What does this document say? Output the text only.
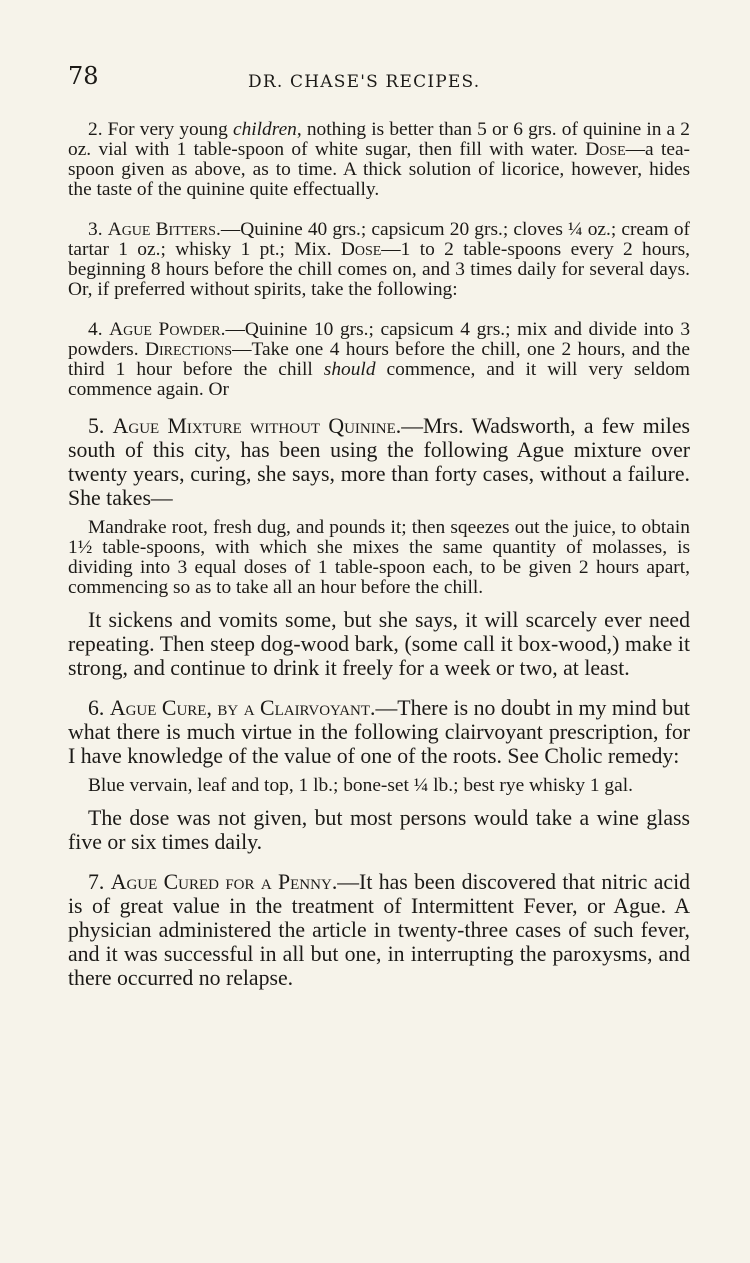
78	DR. CHASE'S RECIPES.

2. For very young children, nothing is better than 5 or 6 grs. of quinine in a 2 oz. vial with 1 table-spoon of white sugar, then fill with water. Dose—a tea-spoon given as above, as to time. A thick solution of licorice, however, hides the taste of the quinine quite effectually.

3. Ague Bitters.—Quinine 40 grs.; capsicum 20 grs.; cloves ¼ oz.; cream of tartar 1 oz.; whisky 1 pt.; Mix. Dose—1 to 2 table-spoons every 2 hours, beginning 8 hours before the chill comes on, and 3 times daily for several days. Or, if preferred without spirits, take the following:

4. Ague Powder.—Quinine 10 grs.; capsicum 4 grs.; mix and divide into 3 powders. Directions—Take one 4 hours before the chill, one 2 hours, and the third 1 hour before the chill should commence, and it will very seldom commence again. Or

5. Ague Mixture without Quinine.—Mrs. Wadsworth, a few miles south of this city, has been using the following Ague mixture over twenty years, curing, she says, more than forty cases, without a failure. She takes—

Mandrake root, fresh dug, and pounds it; then sqeezes out the juice, to obtain 1½ table-spoons, with which she mixes the same quantity of molasses, is dividing into 3 equal doses of 1 table-spoon each, to be given 2 hours apart, commencing so as to take all an hour before the chill.

It sickens and vomits some, but she says, it will scarcely ever need repeating. Then steep dog-wood bark, (some call it box-wood,) make it strong, and continue to drink it freely for a week or two, at least.

6. Ague Cure, by a Clairvoyant.—There is no doubt in my mind but what there is much virtue in the following clairvoyant prescription, for I have knowledge of the value of one of the roots. See Cholic remedy:

Blue vervain, leaf and top, 1 lb.; bone-set ¼ lb.; best rye whisky 1 gal.

The dose was not given, but most persons would take a wine glass five or six times daily.

7. Ague Cured for a Penny.—It has been discovered that nitric acid is of great value in the treatment of Intermittent Fever, or Ague. A physician administered the article in twenty-three cases of such fever, and it was successful in all but one, in interrupting the paroxysms, and there occurred no relapse.
